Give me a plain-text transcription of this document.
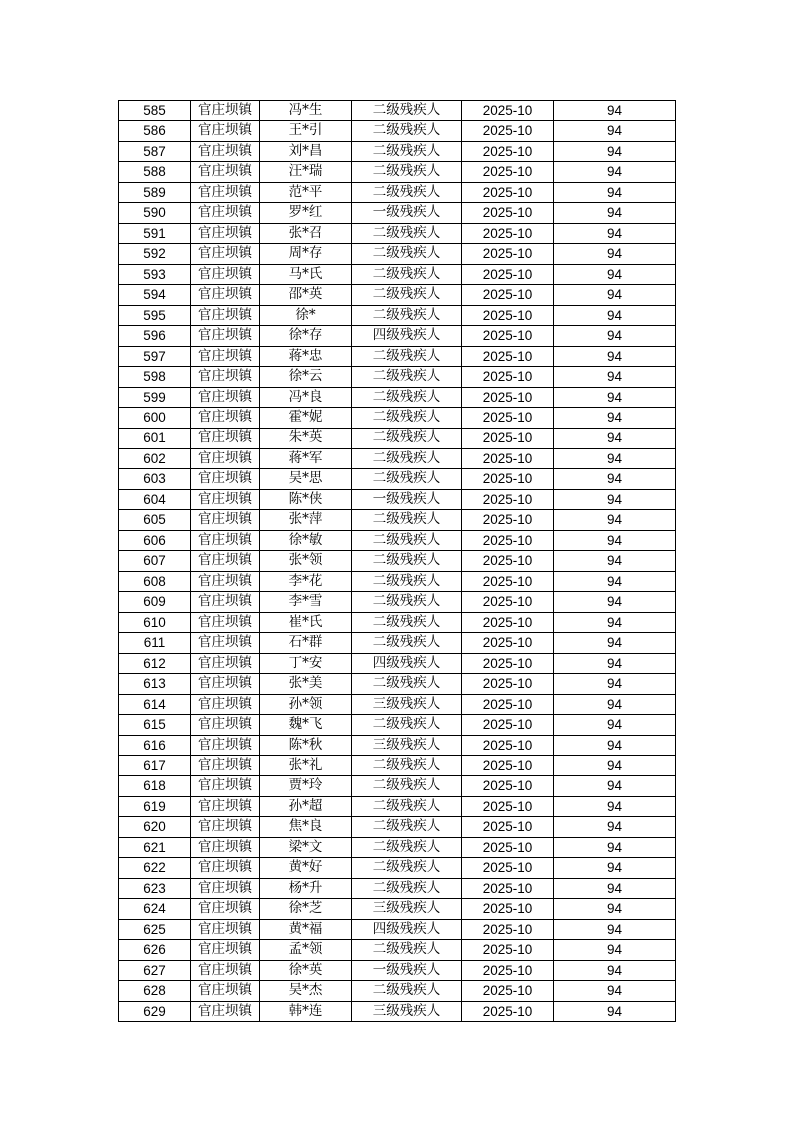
585	官庄坝镇	冯*生	二级残疾人	2025-10	94
586	官庄坝镇	王*引	二级残疾人	2025-10	94
587	官庄坝镇	刘*昌	二级残疾人	2025-10	94
588	官庄坝镇	汪*瑞	二级残疾人	2025-10	94
589	官庄坝镇	范*平	二级残疾人	2025-10	94
590	官庄坝镇	罗*红	一级残疾人	2025-10	94
591	官庄坝镇	张*召	二级残疾人	2025-10	94
592	官庄坝镇	周*存	二级残疾人	2025-10	94
593	官庄坝镇	马*氏	二级残疾人	2025-10	94
594	官庄坝镇	邵*英	二级残疾人	2025-10	94
595	官庄坝镇	徐*	二级残疾人	2025-10	94
596	官庄坝镇	徐*存	四级残疾人	2025-10	94
597	官庄坝镇	蒋*忠	二级残疾人	2025-10	94
598	官庄坝镇	徐*云	二级残疾人	2025-10	94
599	官庄坝镇	冯*良	二级残疾人	2025-10	94
600	官庄坝镇	霍*妮	二级残疾人	2025-10	94
601	官庄坝镇	朱*英	二级残疾人	2025-10	94
602	官庄坝镇	蒋*军	二级残疾人	2025-10	94
603	官庄坝镇	吴*思	二级残疾人	2025-10	94
604	官庄坝镇	陈*侠	一级残疾人	2025-10	94
605	官庄坝镇	张*萍	二级残疾人	2025-10	94
606	官庄坝镇	徐*敏	二级残疾人	2025-10	94
607	官庄坝镇	张*领	二级残疾人	2025-10	94
608	官庄坝镇	李*花	二级残疾人	2025-10	94
609	官庄坝镇	李*雪	二级残疾人	2025-10	94
610	官庄坝镇	崔*氏	二级残疾人	2025-10	94
611	官庄坝镇	石*群	二级残疾人	2025-10	94
612	官庄坝镇	丁*安	四级残疾人	2025-10	94
613	官庄坝镇	张*美	二级残疾人	2025-10	94
614	官庄坝镇	孙*领	三级残疾人	2025-10	94
615	官庄坝镇	魏*飞	二级残疾人	2025-10	94
616	官庄坝镇	陈*秋	三级残疾人	2025-10	94
617	官庄坝镇	张*礼	二级残疾人	2025-10	94
618	官庄坝镇	贾*玲	二级残疾人	2025-10	94
619	官庄坝镇	孙*超	二级残疾人	2025-10	94
620	官庄坝镇	焦*良	二级残疾人	2025-10	94
621	官庄坝镇	梁*文	二级残疾人	2025-10	94
622	官庄坝镇	黄*好	二级残疾人	2025-10	94
623	官庄坝镇	杨*升	二级残疾人	2025-10	94
624	官庄坝镇	徐*芝	三级残疾人	2025-10	94
625	官庄坝镇	黄*福	四级残疾人	2025-10	94
626	官庄坝镇	孟*领	二级残疾人	2025-10	94
627	官庄坝镇	徐*英	一级残疾人	2025-10	94
628	官庄坝镇	吴*杰	二级残疾人	2025-10	94
629	官庄坝镇	韩*连	三级残疾人	2025-10	94
